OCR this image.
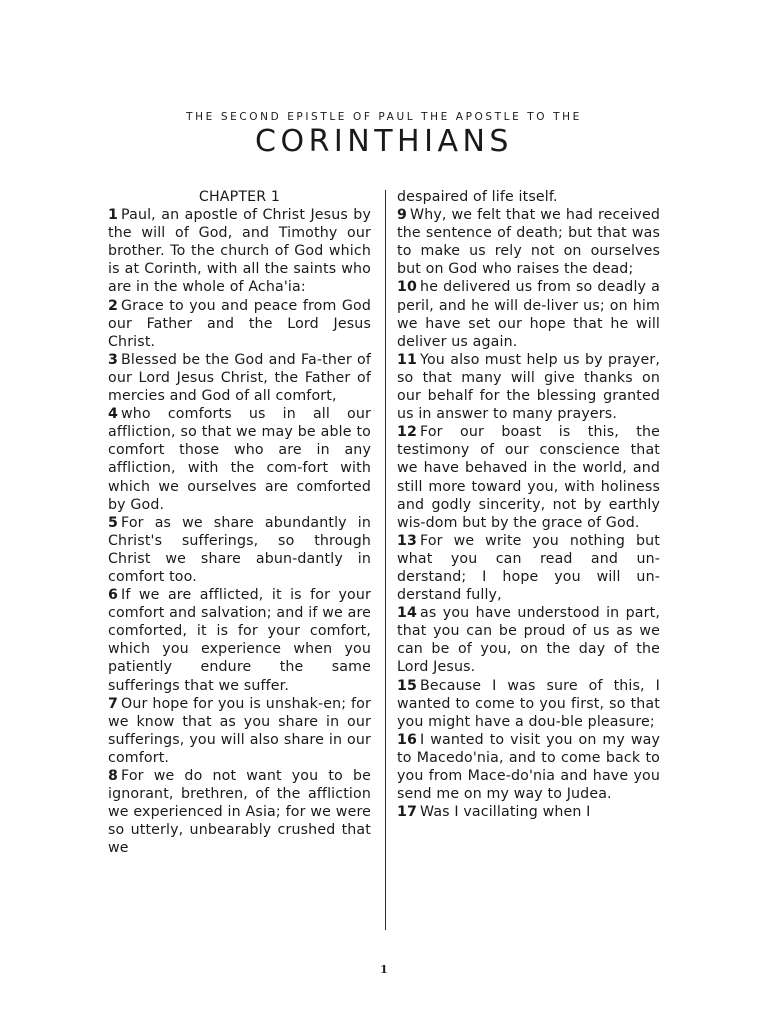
THE SECOND EPISTLE OF PAUL THE APOSTLE TO THE
CORINTHIANS
CHAPTER 1
1 Paul, an apostle of Christ Jesus by the will of God, and Timothy our brother. To the church of God which is at Corinth, with all the saints who are in the whole of Acha'ia:
2 Grace to you and peace from God our Father and the Lord Jesus Christ.
3 Blessed be the God and Fa-ther of our Lord Jesus Christ, the Father of mercies and God of all comfort,
4 who comforts us in all our affliction, so that we may be able to comfort those who are in any affliction, with the com-fort with which we ourselves are comforted by God.
5 For as we share abundantly in Christ's sufferings, so through Christ we share abun-dantly in comfort too.
6 If we are afflicted, it is for your comfort and salvation; and if we are comforted, it is for your comfort, which you experience when you patiently endure the same sufferings that we suffer.
7 Our hope for you is unshak-en; for we know that as you share in our sufferings, you will also share in our comfort.
8 For we do not want you to be ignorant, brethren, of the affliction we experienced in Asia; for we were so utterly, unbearably crushed that we
despaired of life itself.
9 Why, we felt that we had received the sentence of death; but that was to make us rely not on ourselves but on God who raises the dead;
10 he delivered us from so deadly a peril, and he will de-liver us; on him we have set our hope that he will deliver us again.
11 You also must help us by prayer, so that many will give thanks on our behalf for the blessing granted us in answer to many prayers.
12 For our boast is this, the testimony of our conscience that we have behaved in the world, and still more toward you, with holiness and godly sincerity, not by earthly wis-dom but by the grace of God.
13 For we write you nothing but what you can read and un-derstand; I hope you will un-derstand fully,
14 as you have understood in part, that you can be proud of us as we can be of you, on the day of the Lord Jesus.
15 Because I was sure of this, I wanted to come to you first, so that you might have a dou-ble pleasure;
16 I wanted to visit you on my way to Macedo'nia, and to come back to you from Mace-do'nia and have you send me on my way to Judea.
17 Was I vacillating when I
1
